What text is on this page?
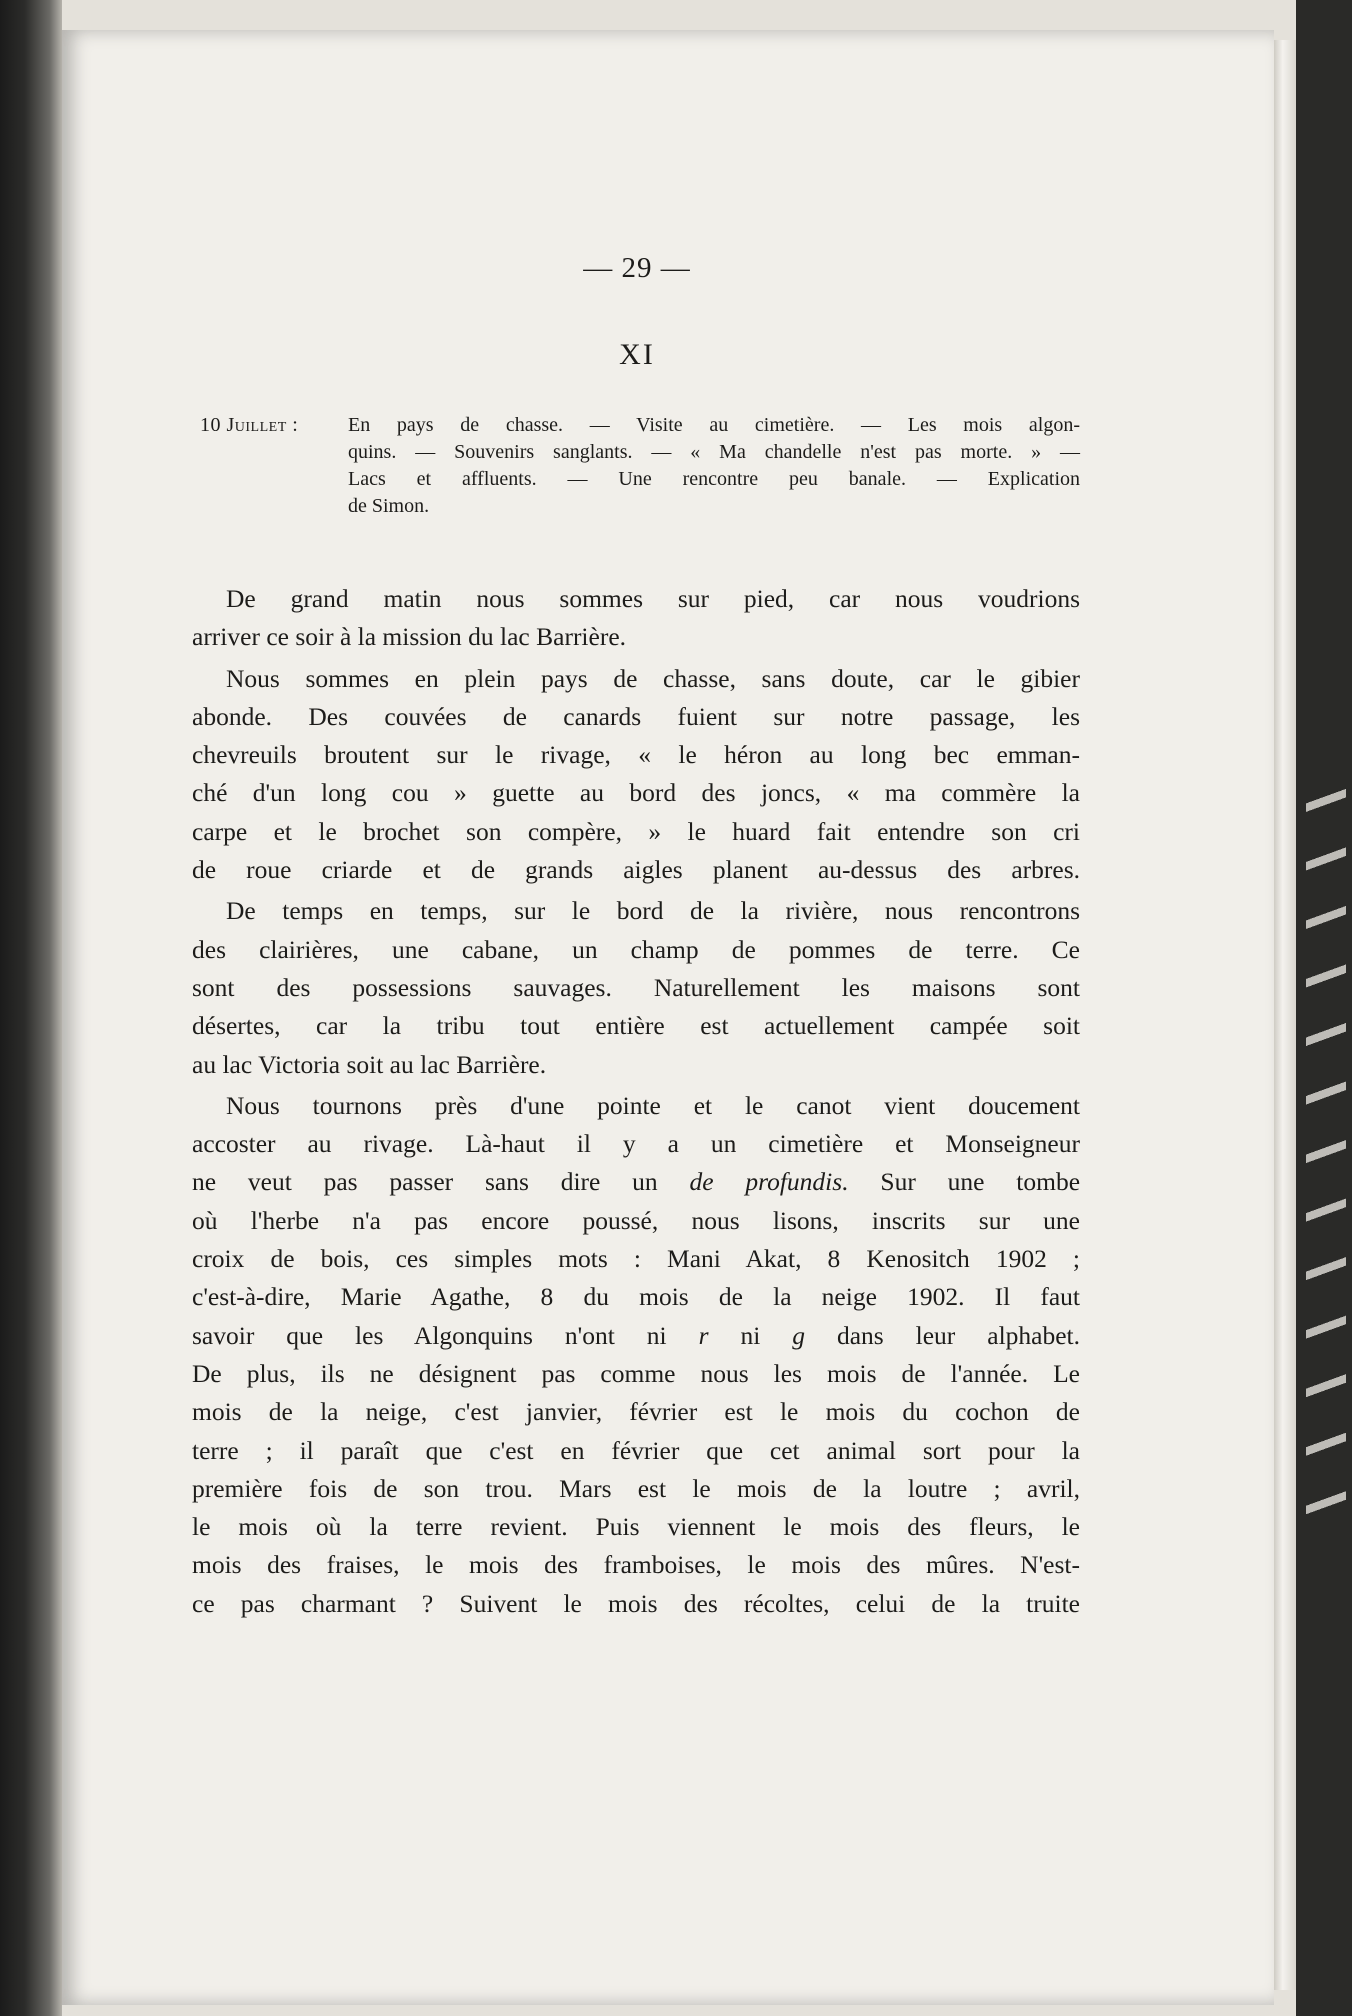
— 29 —
XI
10 Juillet :	En pays de chasse. — Visite au cimetière. — Les mois algon-
quins. — Souvenirs sanglants. — « Ma chandelle n'est pas morte. » —
Lacs et affluents. — Une rencontre peu banale. — Explication
de Simon.
De grand matin nous sommes sur pied, car nous voudrions
arriver ce soir à la mission du lac Barrière.
Nous sommes en plein pays de chasse, sans doute, car le gibier
abonde. Des couvées de canards fuient sur notre passage, les
chevreuils broutent sur le rivage, « le héron au long bec emman-
ché d'un long cou » guette au bord des joncs, « ma commère la
carpe et le brochet son compère, » le huard fait entendre son cri
de roue criarde et de grands aigles planent au-dessus des arbres.
De temps en temps, sur le bord de la rivière, nous rencontrons
des clairières, une cabane, un champ de pommes de terre. Ce
sont des possessions sauvages. Naturellement les maisons sont
désertes, car la tribu tout entière est actuellement campée soit
au lac Victoria soit au lac Barrière.
Nous tournons près d'une pointe et le canot vient doucement
accoster au rivage. Là-haut il y a un cimetière et Monseigneur
ne veut pas passer sans dire un de profundis. Sur une tombe
où l'herbe n'a pas encore poussé, nous lisons, inscrits sur une
croix de bois, ces simples mots : Mani Akat, 8 Kenositch 1902 ;
c'est-à-dire, Marie Agathe, 8 du mois de la neige 1902. Il faut
savoir que les Algonquins n'ont ni r ni g dans leur alphabet.
De plus, ils ne désignent pas comme nous les mois de l'année. Le
mois de la neige, c'est janvier, février est le mois du cochon de
terre ; il paraît que c'est en février que cet animal sort pour la
première fois de son trou. Mars est le mois de la loutre ; avril,
le mois où la terre revient. Puis viennent le mois des fleurs, le
mois des fraises, le mois des framboises, le mois des mûres. N'est-
ce pas charmant ? Suivent le mois des récoltes, celui de la truite
